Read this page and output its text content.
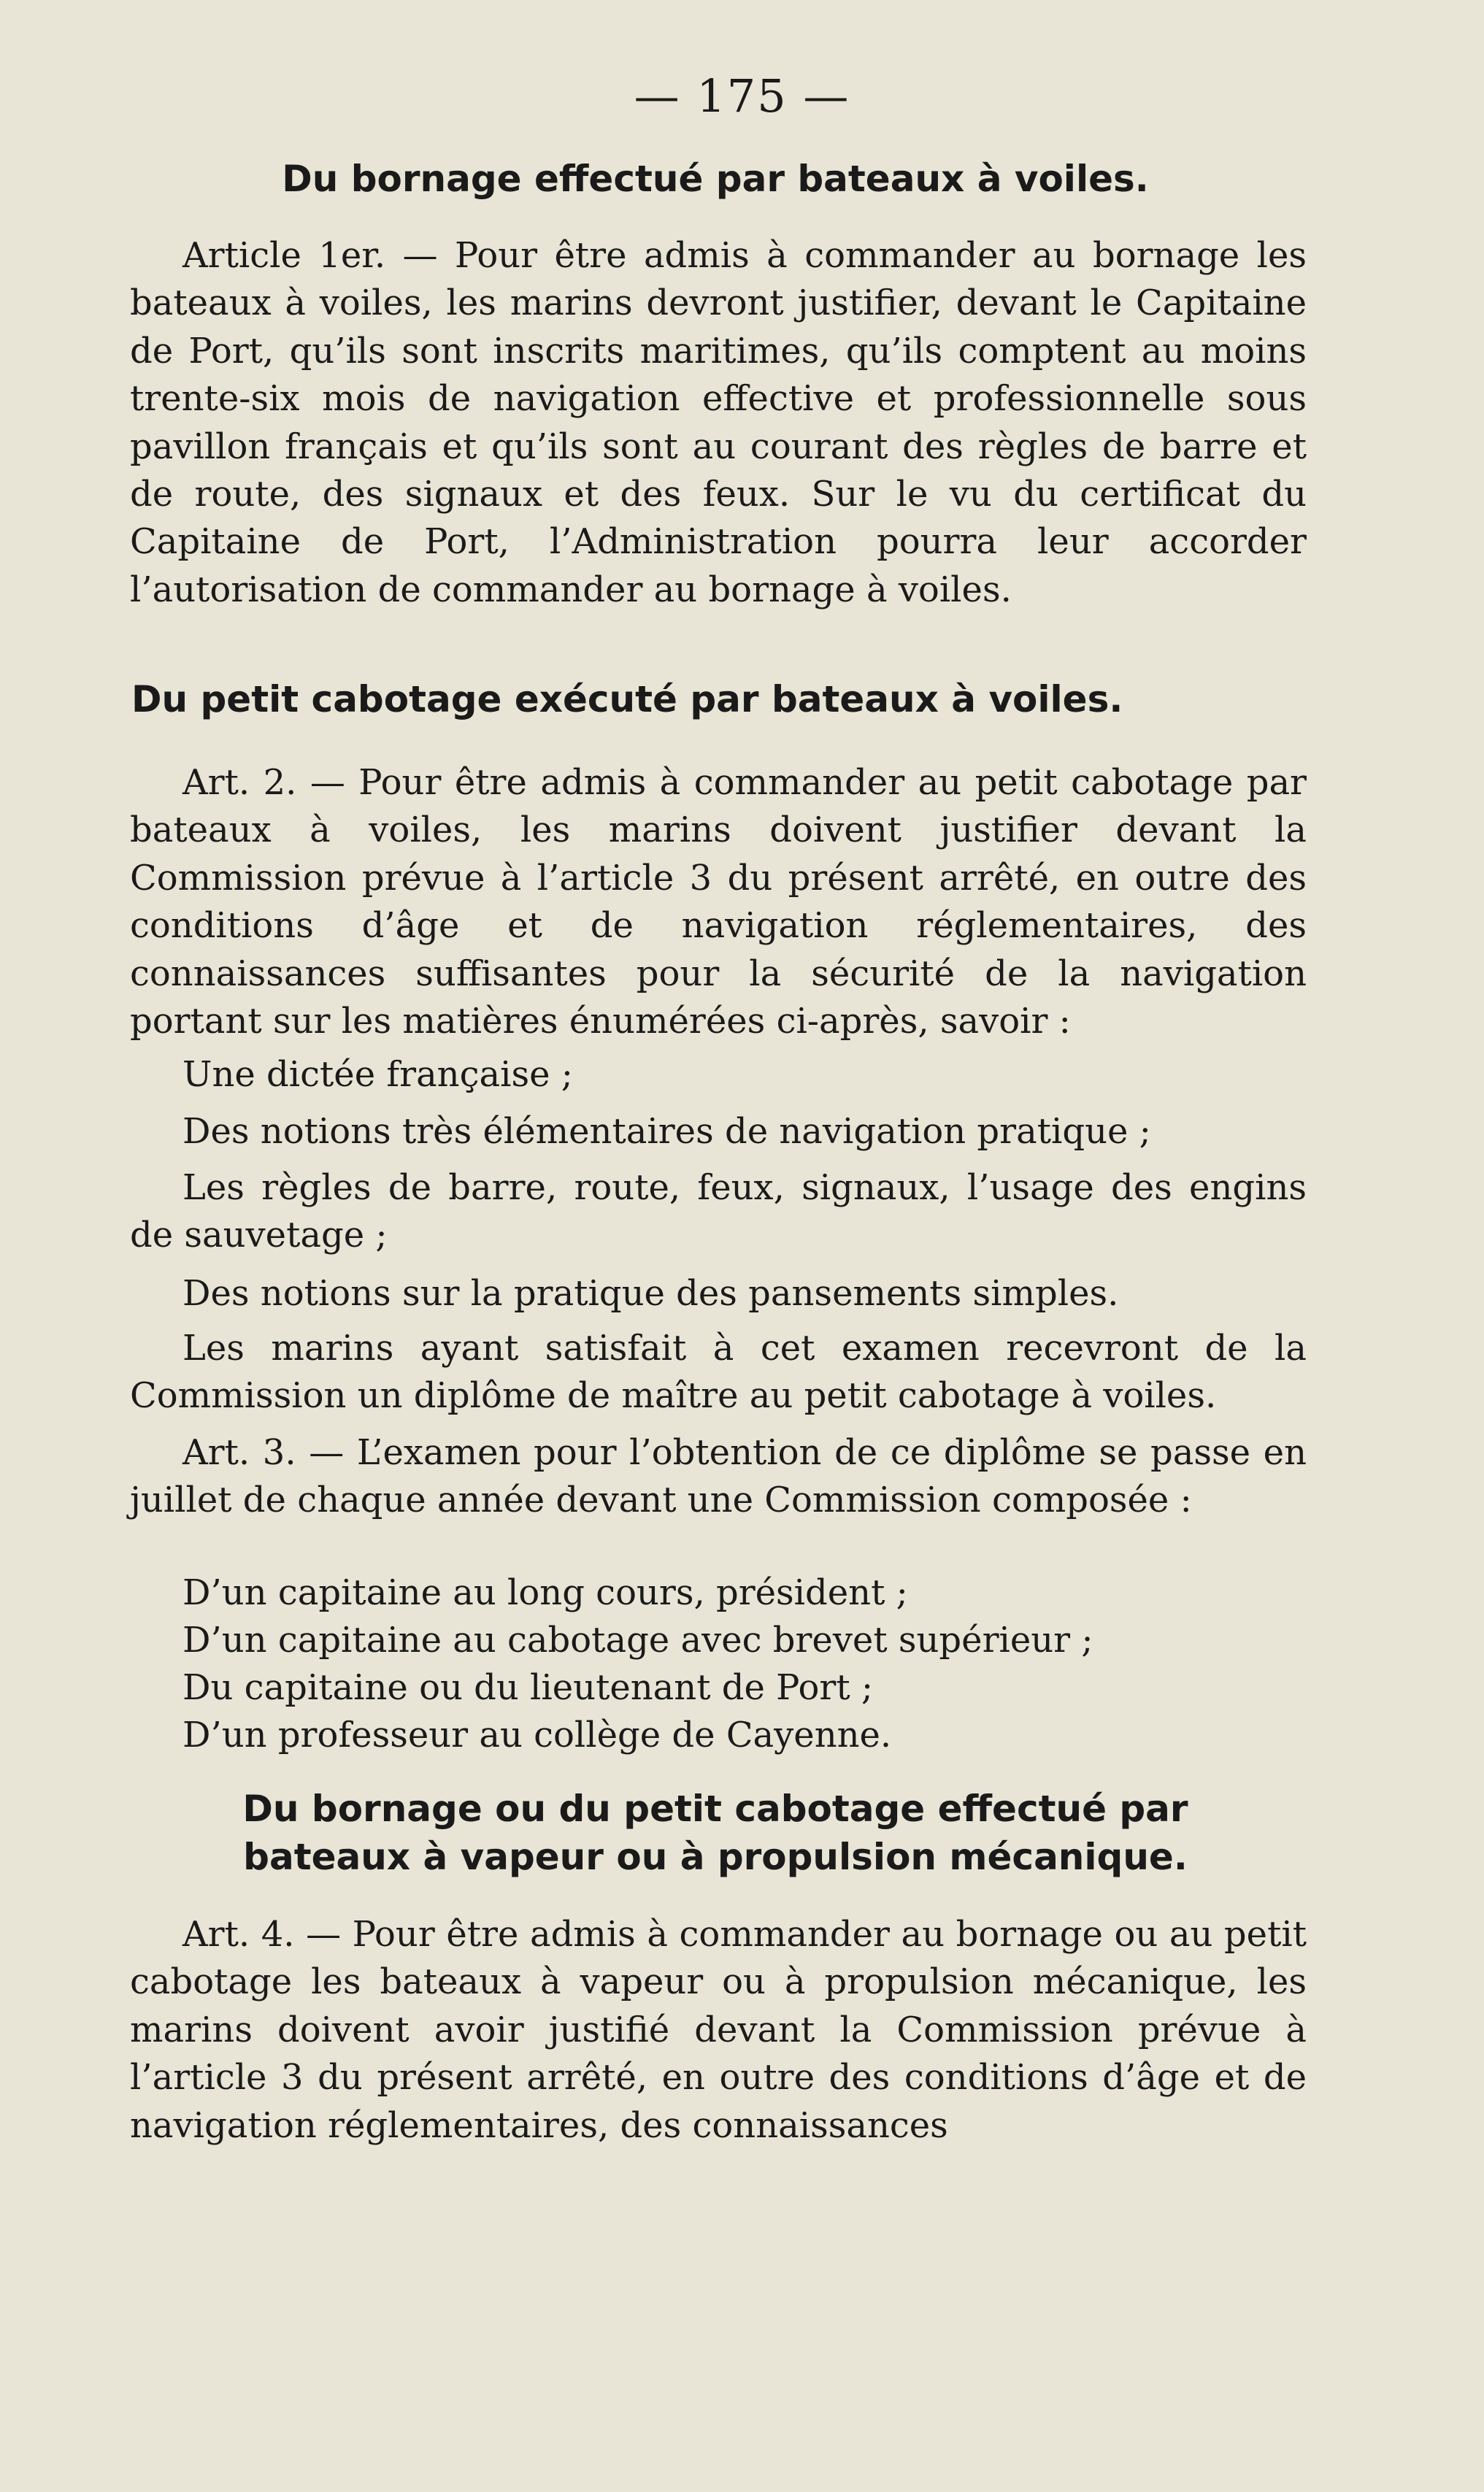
— 175 —
Du bornage effectué par bateaux à voiles.
Article 1er. — Pour être admis à commander au bornage les bateaux à voiles, les marins devront justifier, devant le Capitaine de Port, qu’ils sont inscrits maritimes, qu’ils comptent au moins trente-six mois de navigation effective et professionnelle sous pavillon français et qu’ils sont au courant des règles de barre et de route, des signaux et des feux. Sur le vu du certificat du Capitaine de Port, l’Administration pourra leur accorder l’autorisation de commander au bornage à voiles.
Du petit cabotage exécuté par bateaux à voiles.
Art. 2. — Pour être admis à commander au petit cabotage par bateaux à voiles, les marins doivent justifier devant la Commission prévue à l’article 3 du présent arrêté, en outre des conditions d’âge et de navigation réglementaires, des connaissances suffisantes pour la sécurité de la navigation portant sur les matières énumérées ci-après, savoir :
Une dictée française ;
Des notions très élémentaires de navigation pratique ;
Les règles de barre, route, feux, signaux, l’usage des engins de sauvetage ;
Des notions sur la pratique des pansements simples.
Les marins ayant satisfait à cet examen recevront de la Commission un diplôme de maître au petit cabotage à voiles.
Art. 3. — L’examen pour l’obtention de ce diplôme se passe en juillet de chaque année devant une Commission composée :
D’un capitaine au long cours, président ;
D’un capitaine au cabotage avec brevet supérieur ;
Du capitaine ou du lieutenant de Port ;
D’un professeur au collège de Cayenne.
Du bornage ou du petit cabotage effectué par
bateaux à vapeur ou à propulsion mécanique.
Art. 4. — Pour être admis à commander au bornage ou au petit cabotage les bateaux à vapeur ou à propulsion mécanique, les marins doivent avoir justifié devant la Commission prévue à l’article 3 du présent arrêté, en outre des conditions d’âge et de navigation réglementaires, des connaissances
